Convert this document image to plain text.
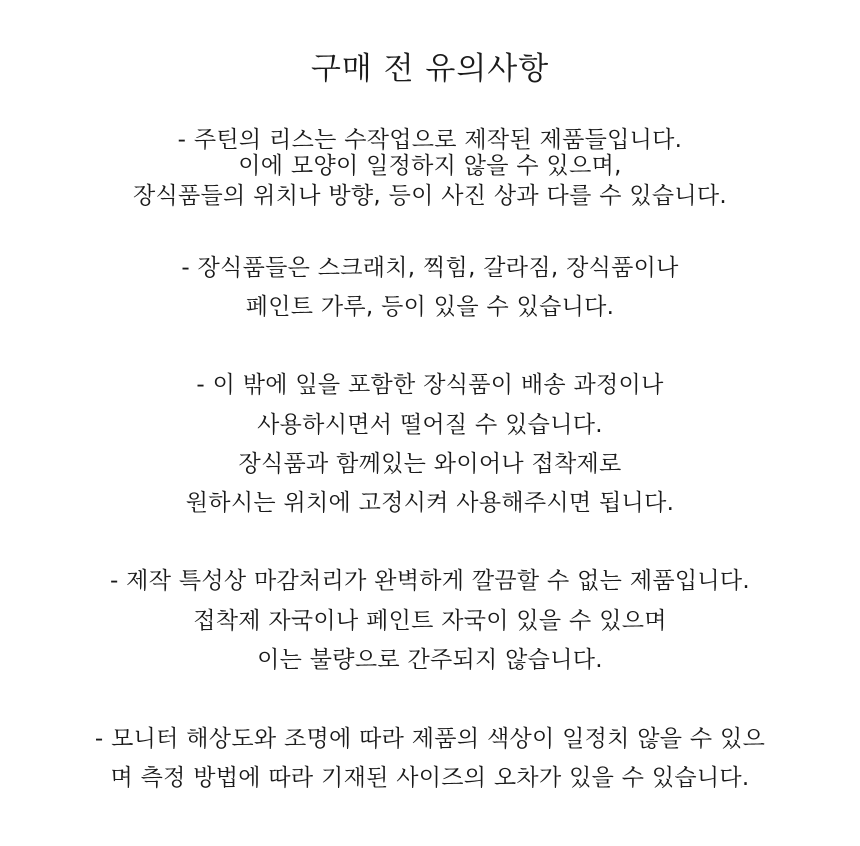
구매 전 유의사항
- 주틴의 리스는 수작업으로 제작된 제품들입니다.
이에 모양이 일정하지 않을 수 있으며,
장식품들의 위치나 방향, 등이 사진 상과 다를 수 있습니다.
- 장식품들은 스크래치, 찍힘, 갈라짐, 장식품이나
페인트 가루, 등이 있을 수 있습니다.
- 이 밖에 잎을 포함한 장식품이 배송 과정이나
사용하시면서 떨어질 수 있습니다.
장식품과 함께있는 와이어나 접착제로
원하시는 위치에 고정시켜 사용해주시면 됩니다.
- 제작 특성상 마감처리가 완벽하게 깔끔할 수 없는 제품입니다.
접착제 자국이나 페인트 자국이 있을 수 있으며
이는 불량으로 간주되지 않습니다.
- 모니터 해상도와 조명에 따라 제품의 색상이 일정치 않을 수 있으
며 측정 방법에 따라 기재된 사이즈의 오차가 있을 수 있습니다.
